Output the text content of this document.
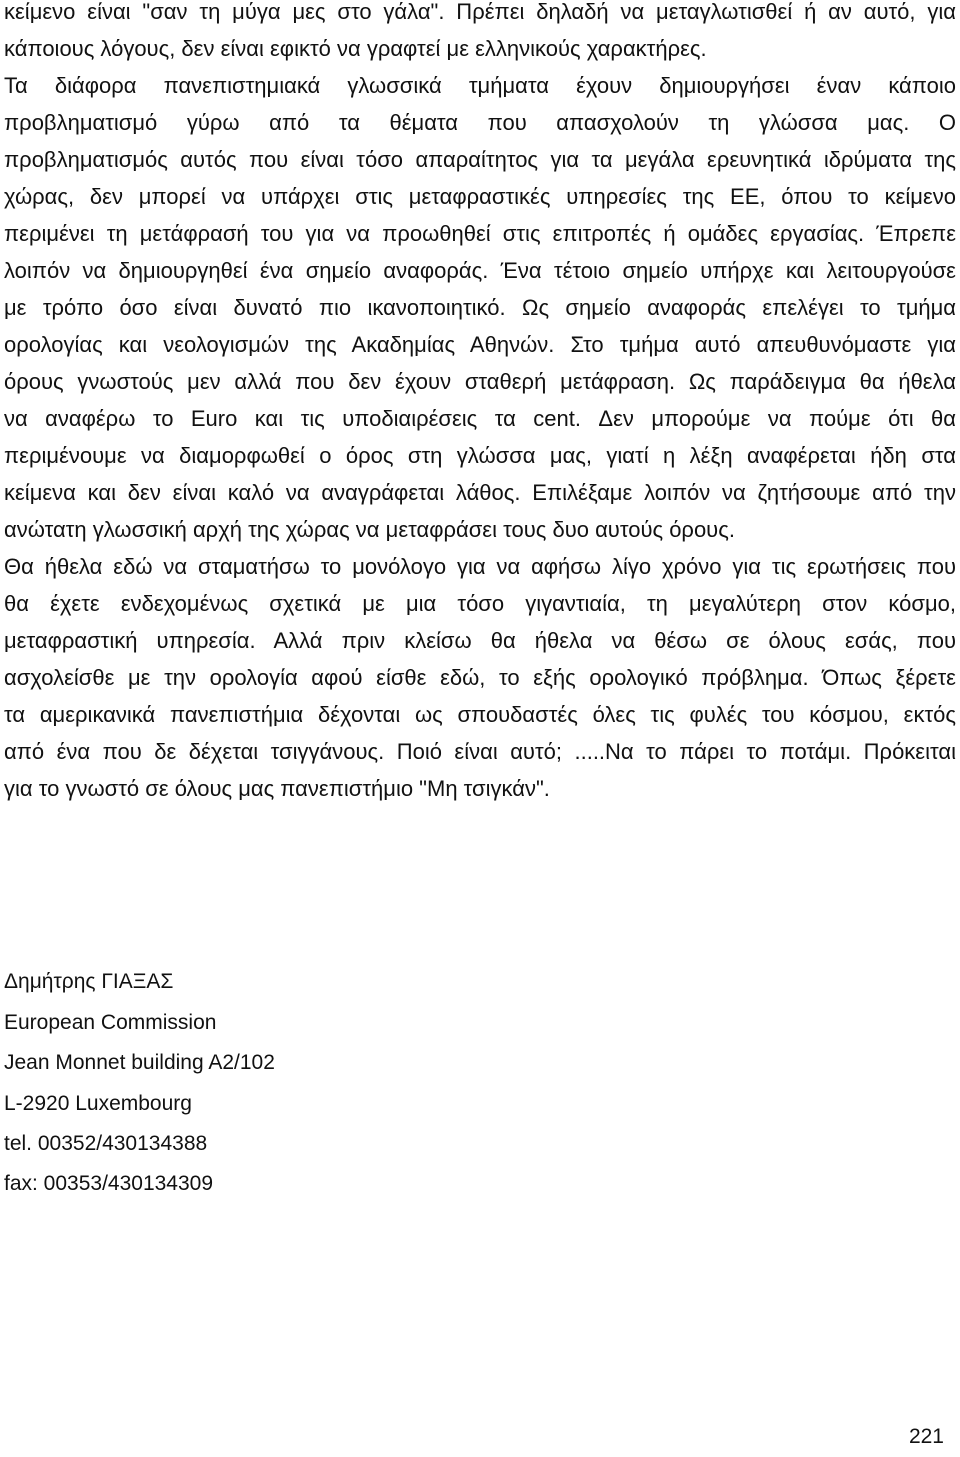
κείμενο είναι "σαν τη μύγα μες στο γάλα". Πρέπει δηλαδή να μεταγλωτισθεί ή αν αυτό, για
κάποιους λόγους, δεν είναι εφικτό να γραφτεί με ελληνικούς χαρακτήρες.
Τα διάφορα πανεπιστημιακά γλωσσικά τμήματα έχουν δημιουργήσει έναν κάποιο
προβληματισμό γύρω από τα θέματα που απασχολούν τη γλώσσα μας. Ο
προβληματισμός αυτός που είναι τόσο απαραίτητος για τα μεγάλα ερευνητικά ιδρύματα της
χώρας, δεν μπορεί να υπάρχει στις μεταφραστικές υπηρεσίες της ΕΕ, όπου το κείμενο
περιμένει τη μετάφρασή του για να προωθηθεί στις επιτροπές ή ομάδες εργασίας. Έπρεπε
λοιπόν να δημιουργηθεί ένα σημείο αναφοράς. Ένα τέτοιο σημείο υπήρχε και λειτουργούσε
με τρόπο όσο είναι δυνατό πιο ικανοποιητικό. Ως σημείο αναφοράς επελέγει το τμήμα
ορολογίας και νεολογισμών της Ακαδημίας Αθηνών. Στο τμήμα αυτό απευθυνόμαστε για
όρους γνωστούς μεν αλλά που δεν έχουν σταθερή μετάφραση. Ως παράδειγμα θα ήθελα
να αναφέρω το Euro και τις υποδιαιρέσεις τα cent. Δεν μπορούμε να πούμε ότι θα
περιμένουμε να διαμορφωθεί ο όρος στη γλώσσα μας, γιατί η λέξη αναφέρεται ήδη στα
κείμενα και δεν είναι καλό να αναγράφεται λάθος. Επιλέξαμε λοιπόν να ζητήσουμε από την
ανώτατη γλωσσική αρχή της χώρας να μεταφράσει τους δυο αυτούς όρους.
Θα ήθελα εδώ να σταματήσω το μονόλογο για να αφήσω λίγο χρόνο για τις ερωτήσεις που
θα έχετε ενδεχομένως σχετικά με μια τόσο γιγαντιαία, τη μεγαλύτερη στον κόσμο,
μεταφραστική υπηρεσία. Αλλά πριν κλείσω θα ήθελα να θέσω σε όλους εσάς, που
ασχολείσθε με την ορολογία αφού είσθε εδώ, το εξής ορολογικό πρόβλημα. Όπως ξέρετε
τα αμερικανικά πανεπιστήμια δέχονται ως σπουδαστές όλες τις φυλές του κόσμου, εκτός
από ένα που δε δέχεται τσιγγάνους. Ποιό είναι αυτό; .....Να το πάρει το ποτάμι. Πρόκειται
για το γνωστό σε όλους μας πανεπιστήμιο "Μη τσιγκάν".
Δημήτρης ΓΙΑΞΑΣ
European Commission
Jean Monnet building A2/102
L-2920 Luxembourg
tel. 00352/430134388
fax: 00353/430134309
221
